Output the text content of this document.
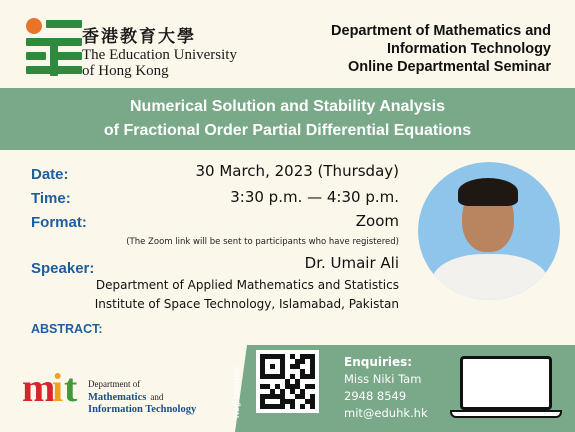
香港教育大學
The Education University
of Hong Kong
Department of Mathematics and
Information Technology
Online Departmental Seminar
Numerical Solution and Stability Analysis
of Fractional Order Partial Differential Equations
Date:	30 March, 2023 (Thursday)
Time:	3:30 p.m. — 4:30 p.m.
Format:	Zoom
(The Zoom link will be sent to participants who have registered)
Speaker:	Dr. Umair Ali
Department of Applied Mathematics and Statistics
Institute of Space Technology, Islamabad, Pakistan
ABSTRACT:
m
i t Department of
Mathematics and
Information Technology	Registration:
Enquiries:
Miss Niki Tam
2948 8549
mit@eduhk.hk
